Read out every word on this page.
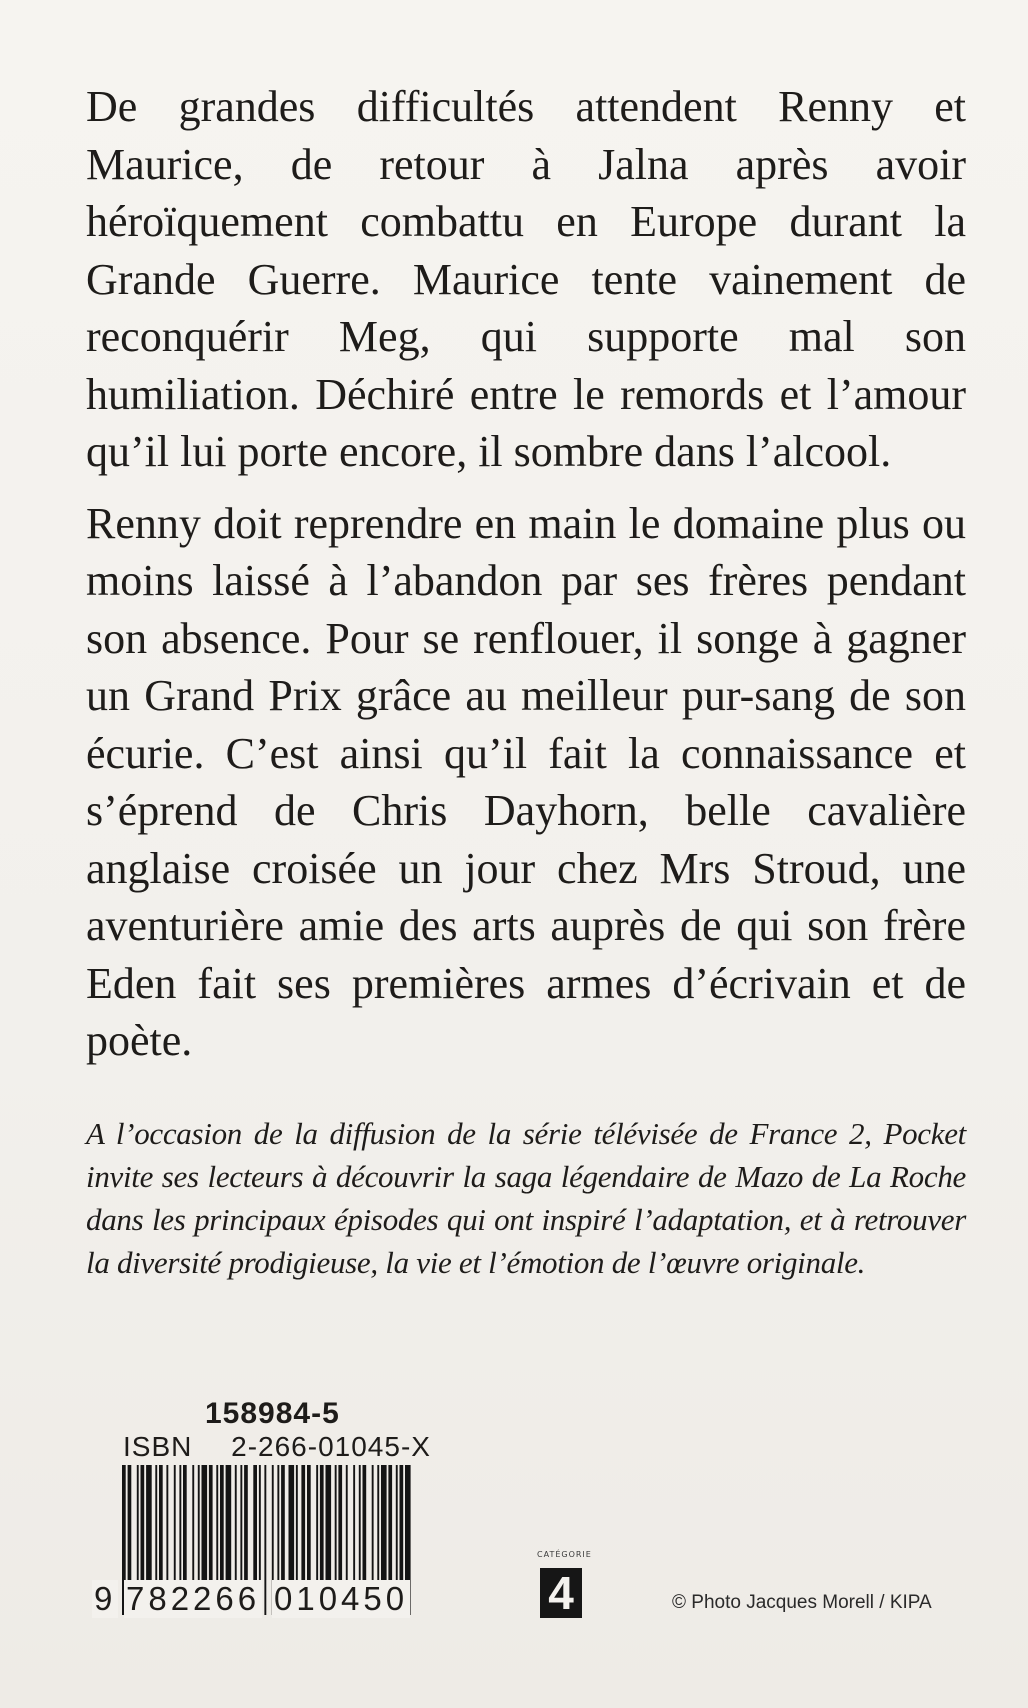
De grandes difficultés attendent Renny et Maurice, de retour à Jalna après avoir héroïquement combattu en Europe durant la Grande Guerre. Maurice tente vainement de reconquérir Meg, qui supporte mal son humiliation. Déchiré entre le remords et l’amour qu’il lui porte encore, il sombre dans l’alcool.

Renny doit reprendre en main le domaine plus ou moins laissé à l’abandon par ses frères pendant son absence. Pour se renflouer, il songe à gagner un Grand Prix grâce au meilleur pur-sang de son écurie. C’est ainsi qu’il fait la connaissance et s’éprend de Chris Dayhorn, belle cavalière anglaise croisée un jour chez Mrs Stroud, une aventurière amie des arts auprès de qui son frère Eden fait ses premières armes d’écrivain et de poète.

A l’occasion de la diffusion de la série télévisée de France 2, Pocket invite ses lecteurs à découvrir la saga légendaire de Mazo de La Roche dans les principaux épisodes qui ont inspiré l’adaptation, et à retrouver la diversité prodigieuse, la vie et l’émotion de l’œuvre originale.

158984-5
ISBN 2-266-01045-X
9 782266 010450
CATÉGORIE
4	© Photo Jacques Morell / KIPA
